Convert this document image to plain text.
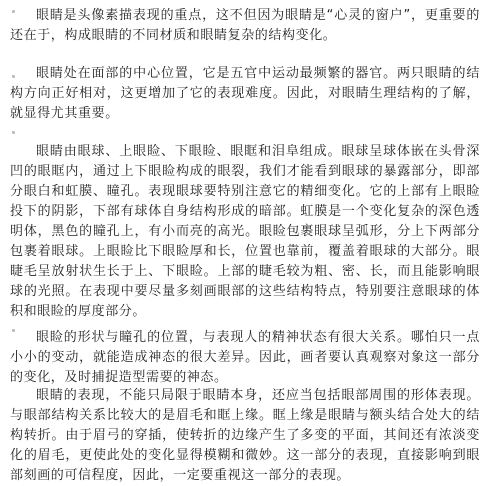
眼睛是头像素描表现的重点，这不但因为眼睛是“心灵的窗户”，更重要的还在于，构成眼睛的不同材质和眼睛复杂的结构变化。

眼睛处在面部的中心位置，它是五官中运动最频繁的器官。两只眼睛的结构方向正好相对，这更增加了它的表现难度。因此，对眼睛生理结构的了解，就显得尤其重要。

眼睛由眼球、上眼睑、下眼睑、眼眶和泪阜组成。眼球呈球体嵌在头骨深凹的眼眶内，通过上下眼睑构成的眼裂，我们才能看到眼球的暴露部分，即部分眼白和虹膜、瞳孔。表现眼球要特别注意它的精细变化。它的上部有上眼睑投下的阴影，下部有球体自身结构形成的暗部。虹膜是一个变化复杂的深色透明体，黑色的瞳孔上，有小而亮的高光。眼睑包裹眼球呈弧形，分上下两部分包裹着眼球。上眼睑比下眼睑厚和长，位置也靠前，覆盖着眼球的大部分。眼睫毛呈放射状生长于上、下眼睑。上部的睫毛较为粗、密、长，而且能影响眼球的光照。在表现中要尽量多刻画眼部的这些结构特点，特别要注意眼球的体积和眼睑的厚度部分。

眼睑的形状与瞳孔的位置，与表现人的精神状态有很大关系。哪怕只一点小小的变动，就能造成神态的很大差异。因此，画者要认真观察对象这一部分的变化，及时捕捉造型需要的神态。

眼睛的表现，不能只局限于眼睛本身，还应当包括眼部周围的形体表现。与眼部结构关系比较大的是眉毛和眶上缘。眶上缘是眼睛与额头结合处大的结构转折。由于眉弓的穿插，使转折的边缘产生了多变的平面，其间还有浓淡变化的眉毛，更使此处的变化显得模糊和微妙。这一部分的表现，直接影响到眼部刻画的可信程度，因此，一定要重视这一部分的表现。
